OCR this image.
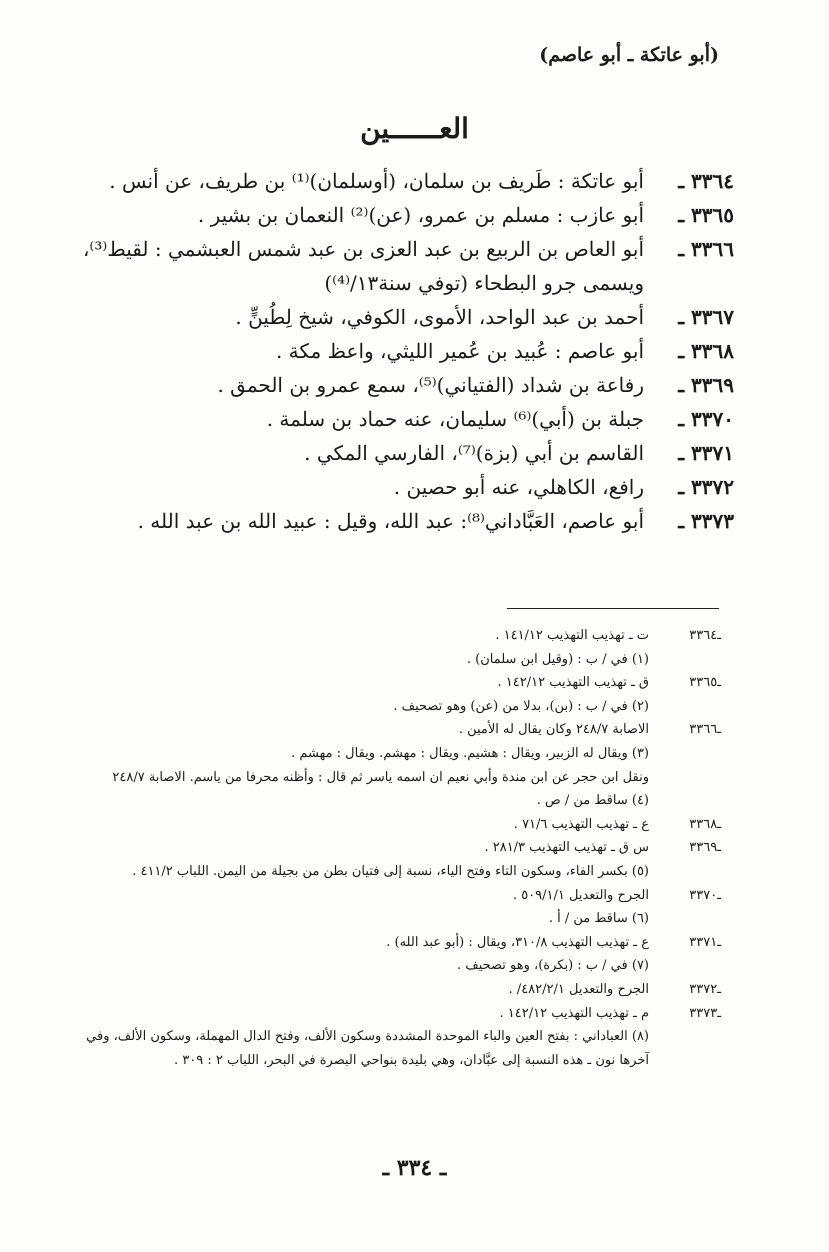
(أبو عاتكة ـ أبو عاصم)
العــــــين
٣٣٦٤ ـ
أبو عاتكة : طَريف بن سلمان، (أوسلمان)⁽¹⁾ بن طريف، عن أنس .
٣٣٦٥ ـ
أبو عازب : مسلم بن عمرو، (عن)⁽²⁾ النعمان بن بشير .
٣٣٦٦ ـ
أبو العاص بن الربيع بن عبد العزى بن عبد شمس العبشمي : لقيط⁽³⁾، ويسمى جرو البطحاء (توفي سنة١٣/⁽⁴⁾)
٣٣٦٧ ـ
أحمد بن عبد الواحد، الأموى، الكوفي، شيخ لِطُينٍّ .
٣٣٦٨ ـ
أبو عاصم : عُبيد بن عُمير الليثي، واعظ مكة .
٣٣٦٩ ـ
رفاعة بن شداد (الفتياني)⁽⁵⁾، سمع عمرو بن الحمق .
٣٣٧٠ ـ
جبلة بن (أبي)⁽⁶⁾ سليمان، عنه حماد بن سلمة .
٣٣٧١ ـ
القاسم بن أبي (بزة)⁽⁷⁾، الفارسي المكي .
٣٣٧٢ ـ
رافع، الكاهلي، عنه أبو حصين .
٣٣٧٣ ـ
أبو عاصم، العَبَّاداني⁽⁸⁾: عبد الله، وقيل : عبيد الله بن عبد الله .
ـ٣٣٦٤
ت ـ تهذيب التهذيب ١٤١/١٢ .
(١) في / ب : (وقيل ابن سلمان) .
ـ٣٣٦٥
ق ـ تهذيب التهذيب ١٤٢/١٢ .
(٢) في / ب : (بن)، بدلا من (عن) وهو تصحيف .
ـ٣٣٦٦
الاصابة ٢٤٨/٧ وكان يقال له الأمين .
(٣) ويقال له الزبير، ويقال : هشيم. ويقال : مهشم. ويقال : مهشم .
ونقل ابن حجر عن ابن مندة وأبي نعيم ان اسمه ياسر ثم قال : وأظنه محرفا من ياسم. الاصابة ٢٤٨/٧
(٤) ساقط من / ص .
ـ٣٣٦٨
ع ـ تهذيب التهذيب ٧١/٦ .
ـ٣٣٦٩
س ق ـ تهذيب التهذيب ٢٨١/٣ .
(٥) بكسر الفاء، وسكون التاء وفتح الياء، نسبة إلى فتيان بطن من بجيلة من اليمن. اللباب ٤١١/٢ .
ـ٣٣٧٠
الجرح والتعديل ٥٠٩/١/١ .
(٦) ساقط من / أ .
ـ٣٣٧١
ع ـ تهذيب التهذيب ٣١٠/٨، ويقال : (أبو عبد الله) .
(٧) في / ب : (بكرة)، وهو تصحيف .
ـ٣٣٧٢
الجرح والتعديل ٤٨٢/٢/١/ .
ـ٣٣٧٣
م ـ تهذيب التهذيب ١٤٢/١٢ .
(٨) العباداني : بفتح العين والباء الموحدة المشددة وسكون الألف، وفتح الدال المهملة، وسكون الألف، وفي آخرها نون ـ هذه النسبة إلى عبَّادان، وهي بليدة بنواحي البصرة في البحر، اللباب ٢ : ٣٠٩ .
ـ ٣٣٤ ـ
